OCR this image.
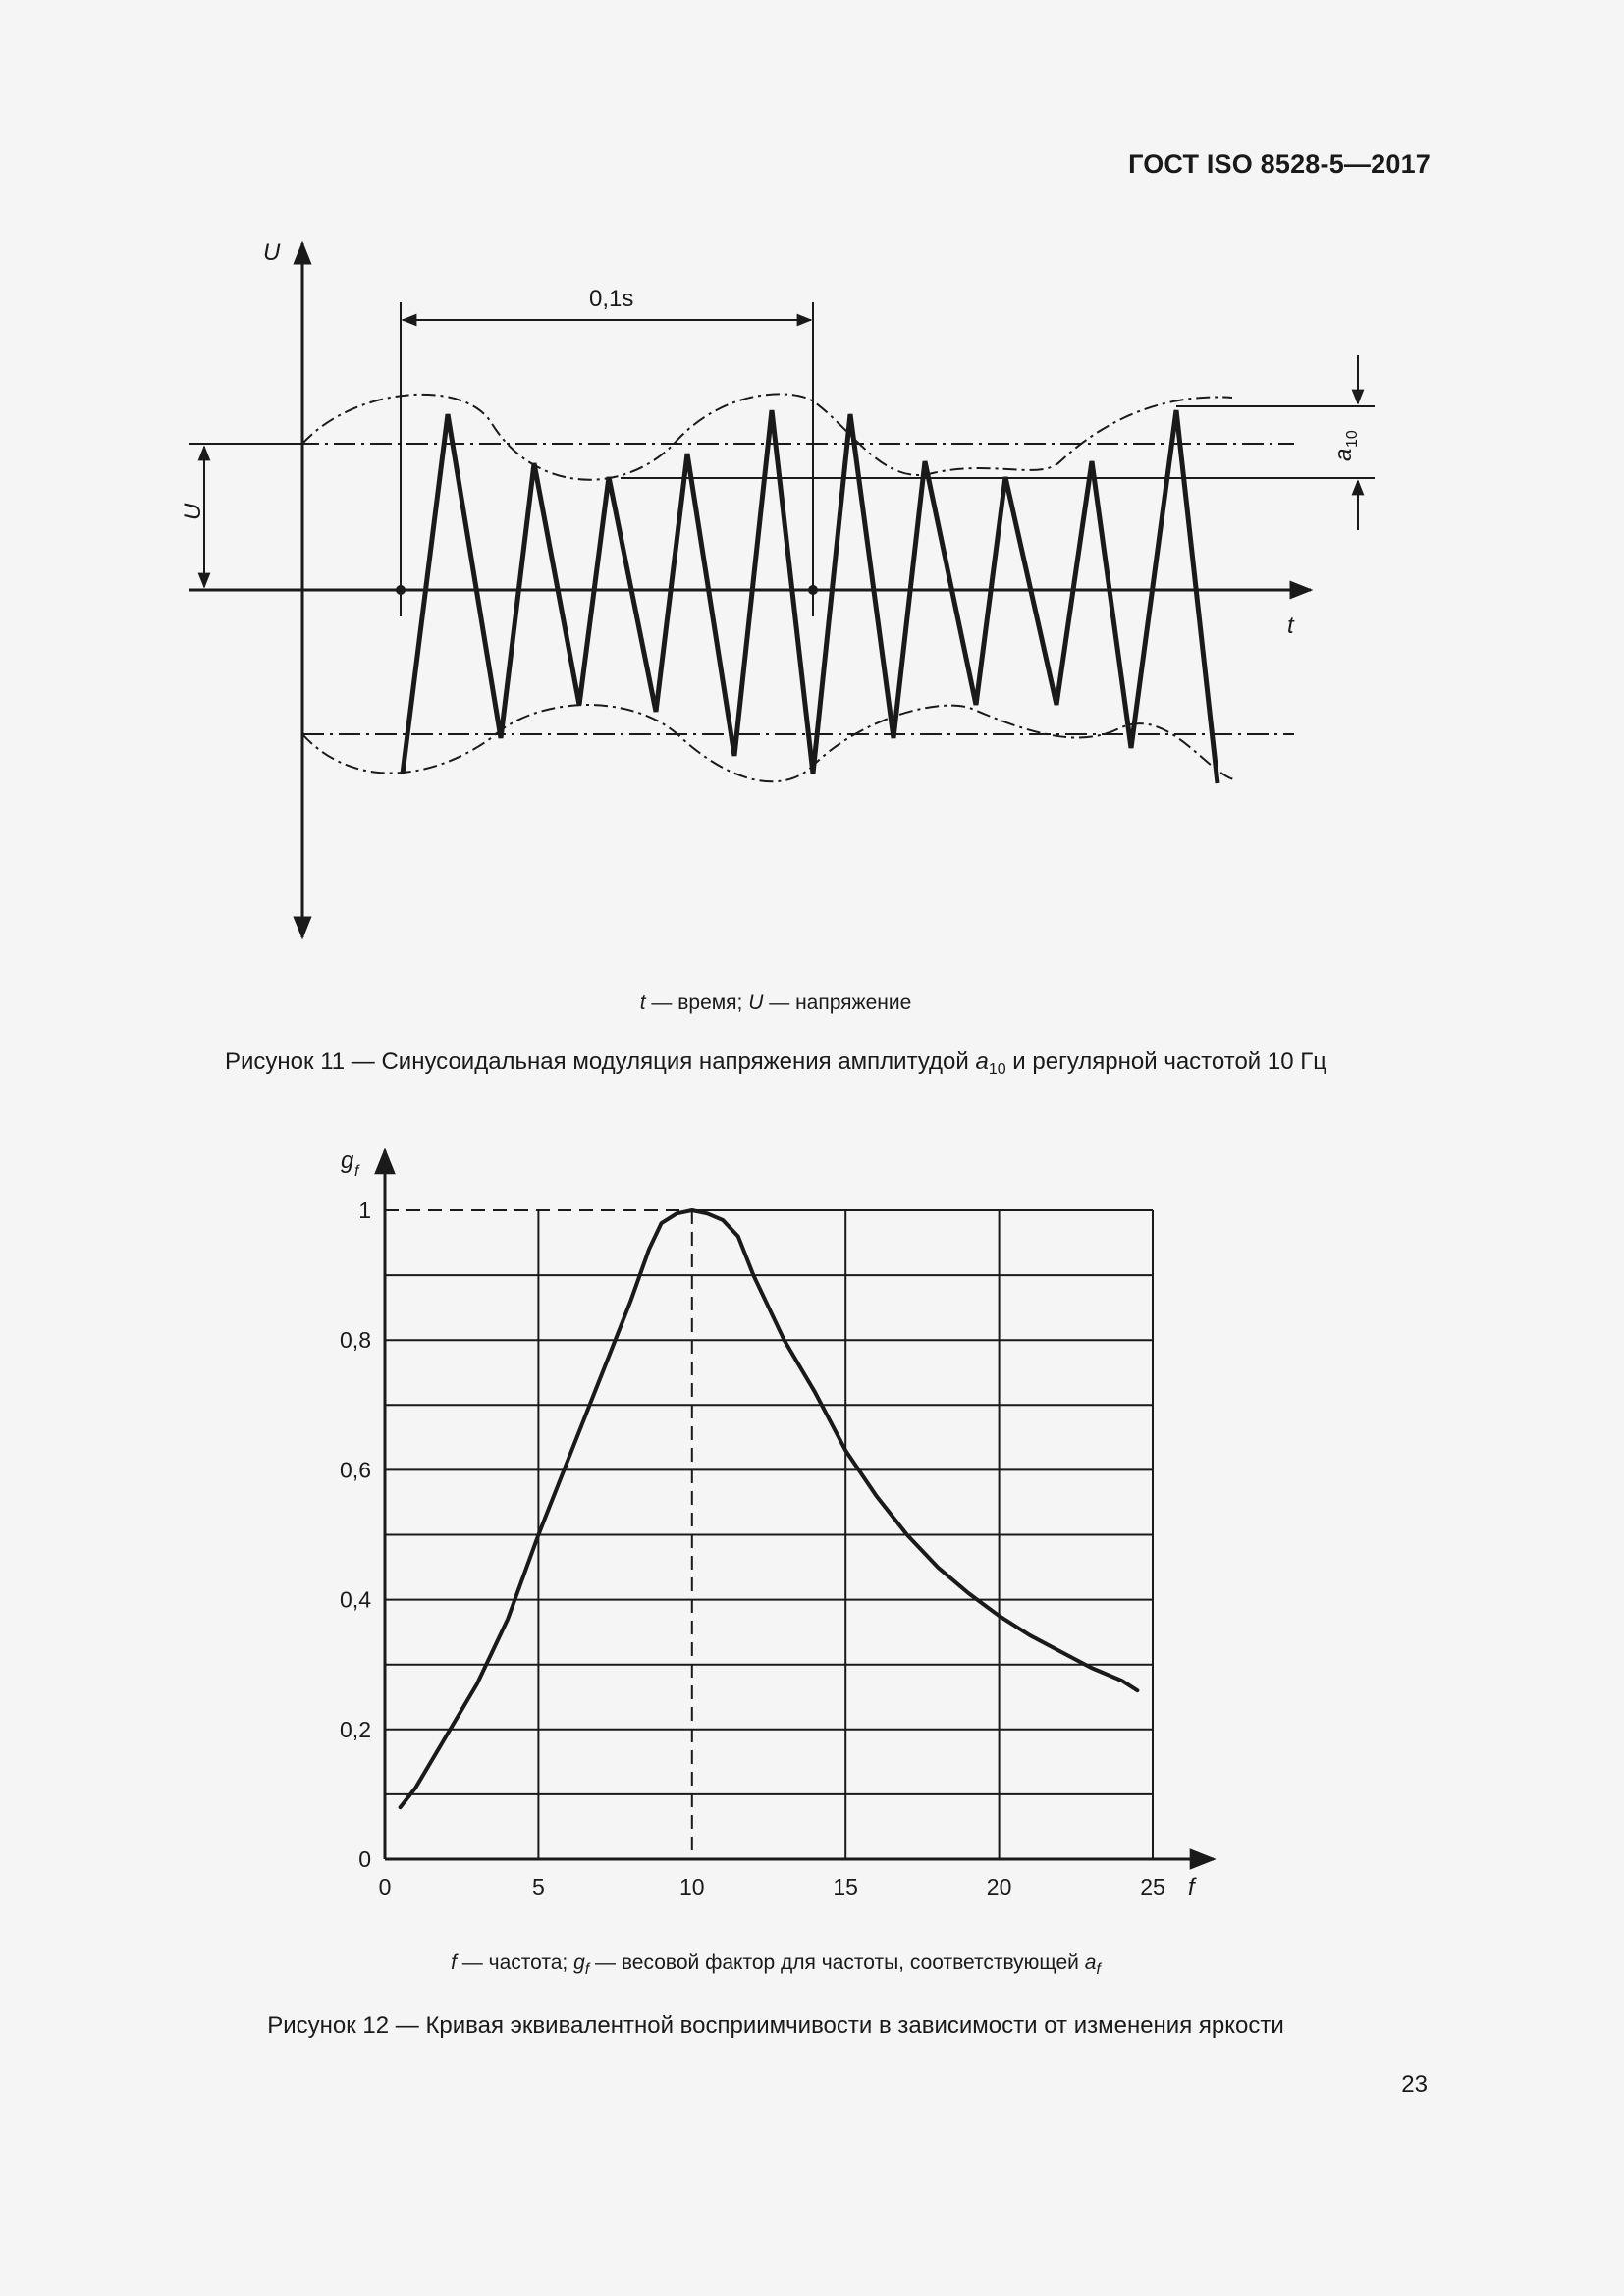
ГОСТ ISO 8528-5—2017
U
t
0,1s
U
a
10
t — время; U — напряжение
Рисунок 11 — Синусоидальная модуляция напряжения амплитудой $a_{10}$ и регулярной частотой 10 Гц
0
0,2
0,4
0,6
0,8
1
0	5	10	15	20	25 f
g f
f — частота; $g_f$ — весовой фактор для частоты, соответствующей $a_f$
Рисунок 12 — Кривая эквивалентной восприимчивости в зависимости от изменения яркости
23
